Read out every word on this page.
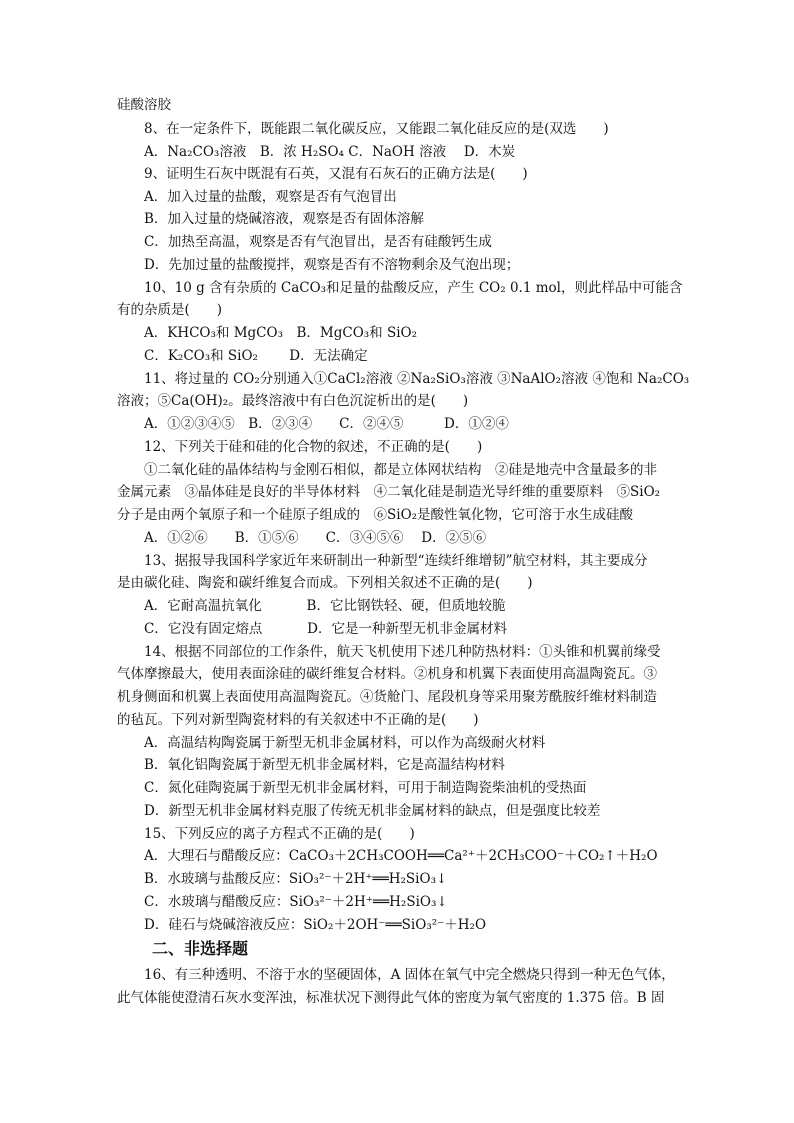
硅酸溶胶
8、在一定条件下，既能跟二氧化碳反应，又能跟二氧化硅反应的是(双选　　)
A．Na₂CO₃溶液　B．浓 H₂SO₄ C．NaOH 溶液　 D．木炭
9、证明生石灰中既混有石英，又混有石灰石的正确方法是(　　)
A．加入过量的盐酸，观察是否有气泡冒出
B．加入过量的烧碱溶液，观察是否有固体溶解
C．加热至高温，观察是否有气泡冒出，是否有硅酸钙生成
D．先加过量的盐酸搅拌，观察是否有不溶物剩余及气泡出现；
10、10 g 含有杂质的 CaCO₃和足量的盐酸反应，产生 CO₂ 0.1 mol，则此样品中可能含
有的杂质是(　　)
A．KHCO₃和 MgCO₃　B．MgCO₃和 SiO₂
C．K₂CO₃和 SiO₂　　 D．无法确定
11、将过量的 CO₂分别通入①CaCl₂溶液 ②Na₂SiO₃溶液 ③NaAlO₂溶液 ④饱和 Na₂CO₃
溶液；⑤Ca(OH)₂。最终溶液中有白色沉淀析出的是(　　)
A．①②③④⑤　B．②③④　　C．②④⑤　　　D．①②④
12、下列关于硅和硅的化合物的叙述，不正确的是(　　)
①二氧化硅的晶体结构与金刚石相似，都是立体网状结构　②硅是地壳中含量最多的非
金属元素　③晶体硅是良好的半导体材料　④二氧化硅是制造光导纤维的重要原料　⑤SiO₂
分子是由两个氧原子和一个硅原子组成的　⑥SiO₂是酸性氧化物，它可溶于水生成硅酸
A．①②⑥　　B．①⑤⑥　　C．③④⑤⑥　 D．②⑤⑥
13、据报导我国科学家近年来研制出一种新型“连续纤维增韧”航空材料，其主要成分
是由碳化硅、陶瓷和碳纤维复合而成。下列相关叙述不正确的是(　　)
A．它耐高温抗氧化　　　 B．它比钢铁轻、硬，但质地较脆
C．它没有固定熔点　　　 D．它是一种新型无机非金属材料
14、根据不同部位的工作条件，航天飞机使用下述几种防热材料：①头锥和机翼前缘受
气体摩擦最大，使用表面涂硅的碳​纤维复合材料。②机身和机翼下表面使用高温陶瓷瓦。③
机身侧面和机翼上表面使用高温陶瓷瓦。④货舱门、尾段机身等采用聚芳酰胺纤维材料制造
的毡瓦。下列对新型陶瓷材料的有关叙述中不正确的是(　　)
A．高温结构陶瓷属于新型无机非金属材料，可以作为高级耐火材料
B．氧化铝陶瓷属于新型无机非金属材料，它是高温结构材料
C．氮化硅陶瓷属于新型无机非金属材料，可用于制造陶瓷柴油机的受热面
D．新型无机非金属材料克服了传统无机非金属材料的缺点，但是强度比较差
15、下列反应的离子方程式不正确的是(　　)
A．大理石与醋酸反应：CaCO₃＋2CH₃COOH══Ca²⁺＋2CH₃COO⁻＋CO₂↑＋H₂O
B．水玻璃与盐酸反应：SiO₃²⁻＋2H⁺══H₂SiO₃↓
C．水玻璃与醋酸反应：SiO₃²⁻＋2H⁺══H₂SiO₃↓
D．硅石与烧碱溶液反应：SiO₂＋2OH⁻══SiO₃²⁻＋H₂O
二、非选择题
16、有三种透明、不溶于水的坚硬固体，A 固体在氧气中完全燃烧只得到一种无色气体，
此气体能使澄清石灰水变浑浊，标准状况下测得此气体的密度为氧气密度的 1.375 倍。B 固
